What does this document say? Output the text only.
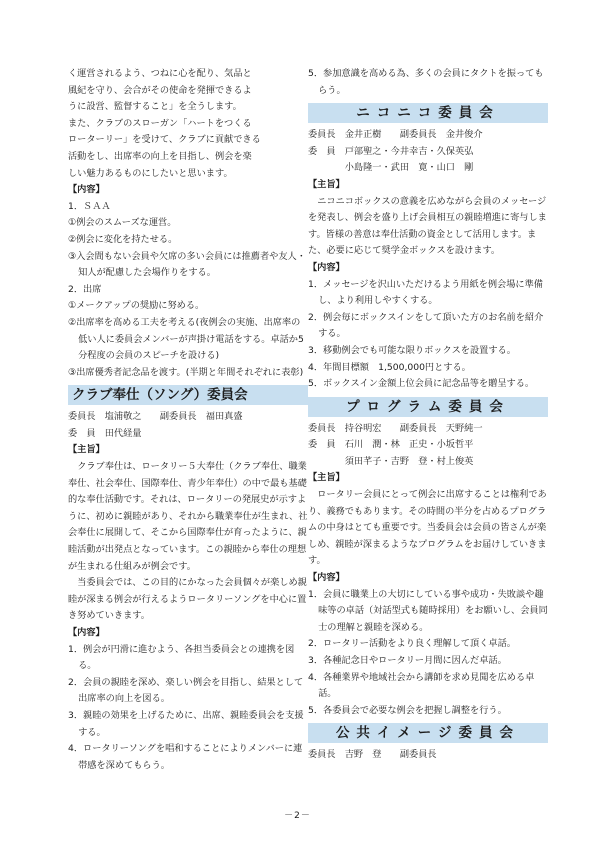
く運営されるよう、つねに心を配り、気品と

風紀を守り、会合がその使命を発揮できるよ

うに設営、監督すること」を全うします。

また、クラブのスローガン「ハートをつくる

ローターリー」を受けて、クラブに貢献できる

活動をし、出席率の向上を目指し、例会を楽

しい魅力あるものにしたいと思います。

【内容】

1．ＳＡＡ

①例会のスムーズな運営。

②例会に変化を持たせる。

③入会間もない会員や欠席の多い会員には推薦者や友人・知人が配慮した会場作りをする。

2．出席

①メークアップの奨励に努める。

②出席率を高める工夫を考える(夜例会の実施、出席率の低い人に委員会メンバーが声掛け電話をする。卓話か5分程度の会員のスピーチを設ける)

③出席優秀者記念品を渡す。(半期と年間それぞれに表彰)

クラブ奉仕（ソング）委員会

委員長　塩浦敬之　　副委員長　福田真盛

委　員　田代経量

【主旨】

クラブ奉仕は、ロータリー５大奉仕（クラブ奉仕、職業奉仕、社会奉仕、国際奉仕、青少年奉仕）の中で最も基礎的な奉仕活動です。それは、ロータリーの発展史が示すように、初めに親睦があり、それから職業奉仕が生まれ、社会奉仕に展開して、そこから国際奉仕が育ったように、親睦活動が出発点となっています。この親睦から奉仕の理想が生まれる仕組みが例会です。

当委員会では、この目的にかなった会員個々が楽しめ親睦が深まる例会が行えるようロータリーソングを中心に置き努めていきます。

【内容】

1．例会が円滑に進むよう、各担当委員会との連携を図る。

2．会員の親睦を深め、楽しい例会を目指し、結果として出席率の向上を図る。

3．親睦の効果を上げるために、出席、親睦委員会を支援する。

4．ロータリーソングを唱和することによりメンバーに連帯感を深めてもらう。

5．参加意識を高める為、多くの会員にタクトを振ってもらう。

ニコニコ委員会

委員長　金井正樹　　副委員長　金井俊介

委　員　戸部聖之・今井幸吉・久保英弘

　　　　小島隆一・武田　寛・山口　剛

【主旨】

ニコニコボックスの意義を広めながら会員のメッセージを発表し、例会を盛り上げ会員相互の親睦増進に寄与します。皆様の善意は奉仕活動の資金として活用します。また、必要に応じて奨学金ボックスを設けます。

【内容】

1．メッセージを沢山いただけるよう用紙を例会場に準備し、より利用しやすくする。

2．例会毎にボックスインをして頂いた方のお名前を紹介する。

3．移動例会でも可能な限りボックスを設置する。

4．年間目標額　1,500,000円とする。

5．ボックスイン金額上位会員に記念品等を贈呈する。

プログラム委員会

委員長　持谷明宏　　副委員長　天野純一

委　員　石川　潤・林　正史・小坂哲平

　　　　須田芊子・吉野　登・村上俊英

【主旨】

ロータリー会員にとって例会に出席することは権利であり、義務でもあります。その時間の半分を占めるプログラムの中身はとても重要です。当委員会は会員の皆さんが楽しめ、親睦が深まるようなプログラムをお届けしていきます。

【内容】

1．会員に職業上の大切にしている事や成功・失敗談や趣味等の卓話（対話型式も随時採用）をお願いし、会員同士の理解と親睦を深める。

2．ロータリー活動をより良く理解して頂く卓話。

3．各種記念日やロータリー月間に因んだ卓話。

4．各種業界や地域社会から講師を求め見聞を広める卓話。

5．各委員会で必要な例会を把握し調整を行う。

公共イメージ委員会

委員長　吉野　登　　副委員長

－2－
